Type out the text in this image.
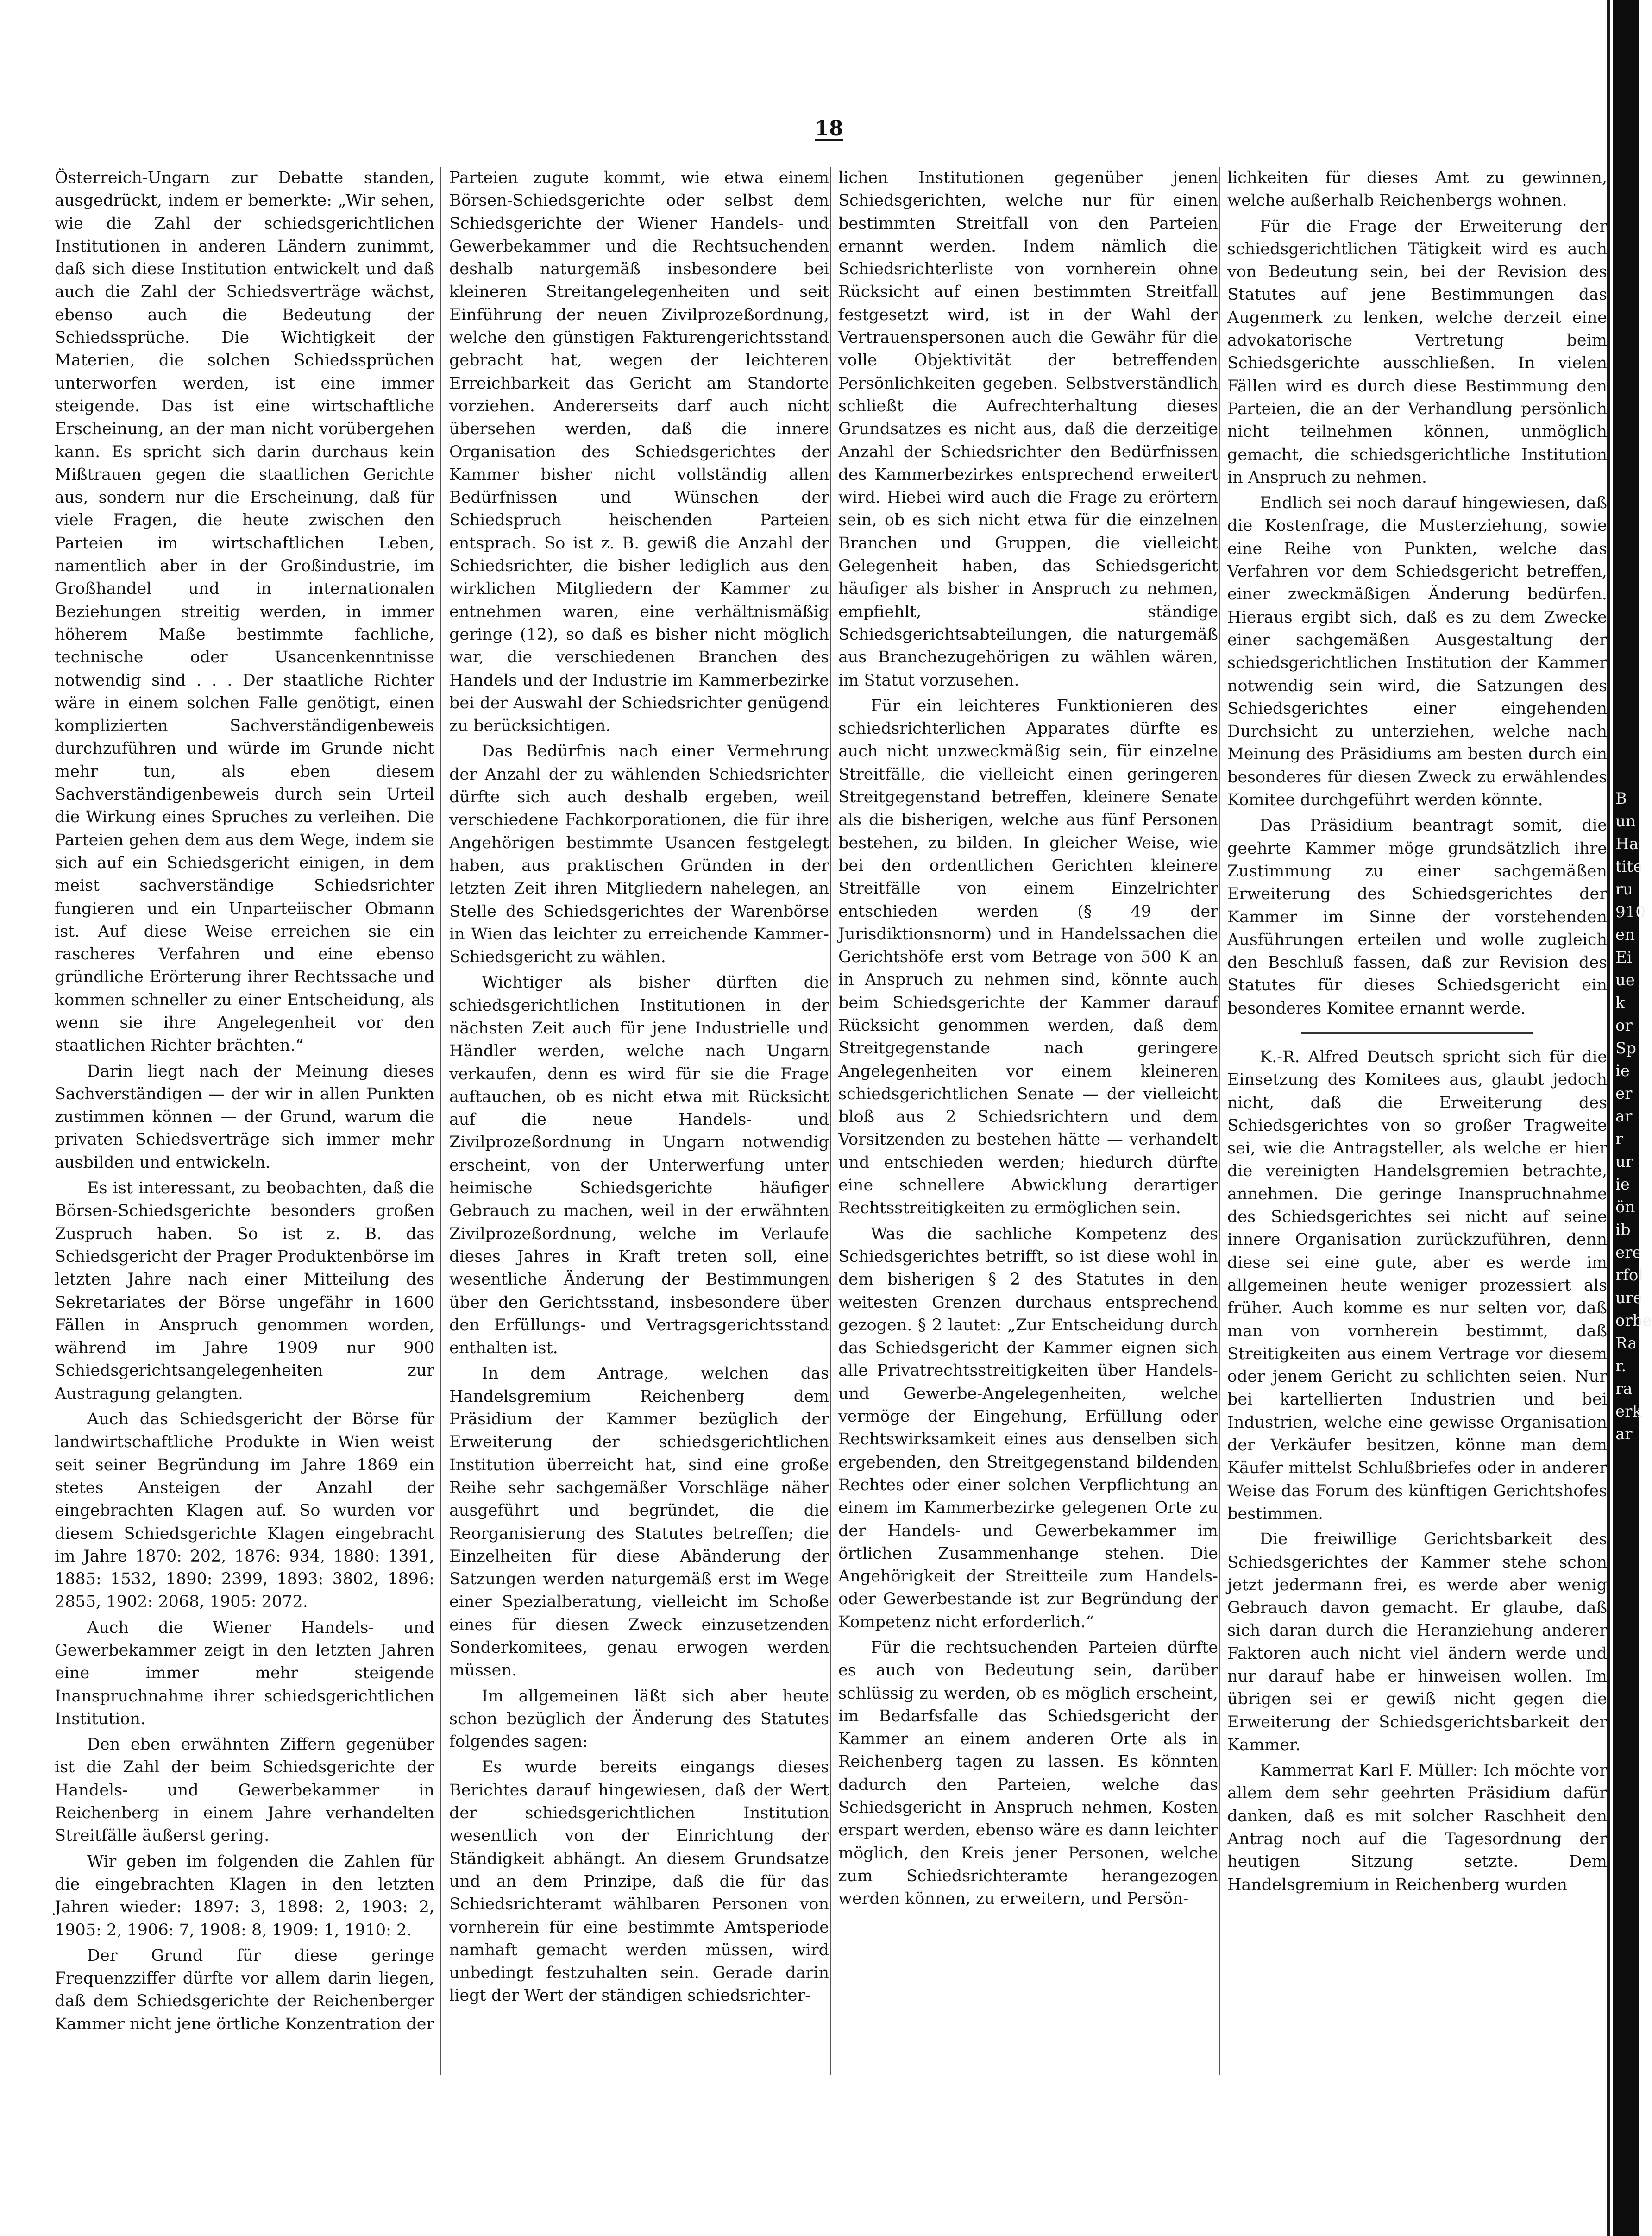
18

Österreich-Ungarn zur Debatte standen, ausgedrückt, indem er bemerkte: „Wir sehen, wie die Zahl der schiedsgerichtlichen Institutionen in anderen Ländern zunimmt, daß sich diese Institution entwickelt und daß auch die Zahl der Schiedsverträge wächst, ebenso auch die Bedeutung der Schiedssprüche. Die Wichtigkeit der Materien, die solchen Schiedssprüchen unterworfen werden, ist eine immer steigende. Das ist eine wirtschaftliche Erscheinung, an der man nicht vorübergehen kann. Es spricht sich darin durchaus kein Mißtrauen gegen die staatlichen Gerichte aus, sondern nur die Erscheinung, daß für viele Fragen, die heute zwischen den Parteien im wirtschaftlichen Leben, namentlich aber in der Großindustrie, im Großhandel und in internationalen Beziehungen streitig werden, in immer höherem Maße bestimmte fachliche, technische oder Usancenkenntnisse notwendig sind . . . Der staatliche Richter wäre in einem solchen Falle genötigt, einen komplizierten Sachverständigenbeweis durchzuführen und würde im Grunde nicht mehr tun, als eben diesem Sachverständigenbeweis durch sein Urteil die Wirkung eines Spruches zu verleihen. Die Parteien gehen dem aus dem Wege, indem sie sich auf ein Schiedsgericht einigen, in dem meist sachverständige Schiedsrichter fungieren und ein Unparteiischer Obmann ist. Auf diese Weise erreichen sie ein rascheres Verfahren und eine ebenso gründliche Erörterung ihrer Rechtssache und kommen schneller zu einer Entscheidung, als wenn sie ihre Angelegenheit vor den staatlichen Richter brächten.“

Darin liegt nach der Meinung dieses Sachverständigen — der wir in allen Punkten zustimmen können — der Grund, warum die privaten Schiedsverträge sich immer mehr ausbilden und entwickeln.

Es ist interessant, zu beobachten, daß die Börsen-Schiedsgerichte besonders großen Zuspruch haben. So ist z. B. das Schiedsgericht der Prager Produktenbörse im letzten Jahre nach einer Mitteilung des Sekretariates der Börse ungefähr in 1600 Fällen in Anspruch genommen worden, während im Jahre 1909 nur 900 Schiedsgerichtsangelegenheiten zur Austragung gelangten.

Auch das Schiedsgericht der Börse für landwirtschaftliche Produkte in Wien weist seit seiner Begründung im Jahre 1869 ein stetes Ansteigen der Anzahl der eingebrachten Klagen auf. So wurden vor diesem Schiedsgerichte Klagen eingebracht im Jahre 1870: 202, 1876: 934, 1880: 1391, 1885: 1532, 1890: 2399, 1893: 3802, 1896: 2855, 1902: 2068, 1905: 2072.

Auch die Wiener Handels- und Gewerbekammer zeigt in den letzten Jahren eine immer mehr steigende Inanspruchnahme ihrer schiedsgerichtlichen Institution.

Den eben erwähnten Ziffern gegenüber ist die Zahl der beim Schiedsgerichte der Handels- und Gewerbekammer in Reichenberg in einem Jahre verhandelten Streitfälle äußerst gering.

Wir geben im folgenden die Zahlen für die eingebrachten Klagen in den letzten Jahren wieder: 1897: 3, 1898: 2, 1903: 2, 1905: 2, 1906: 7, 1908: 8, 1909: 1, 1910: 2.

Der Grund für diese geringe Frequenzziffer dürfte vor allem darin liegen, daß dem Schiedsgerichte der Reichenberger Kammer nicht jene örtliche Konzentration der

Parteien zugute kommt, wie etwa einem Börsen-Schiedsgerichte oder selbst dem Schiedsgerichte der Wiener Handels- und Gewerbekammer und die Rechtsuchenden deshalb naturgemäß insbesondere bei kleineren Streitangelegenheiten und seit Einführung der neuen Zivilprozeßordnung, welche den günstigen Fakturengerichtsstand gebracht hat, wegen der leichteren Erreichbarkeit das Gericht am Standorte vorziehen. Andererseits darf auch nicht übersehen werden, daß die innere Organisation des Schiedsgerichtes der Kammer bisher nicht vollständig allen Bedürfnissen und Wünschen der Schiedspruch heischenden Parteien entsprach. So ist z. B. gewiß die Anzahl der Schiedsrichter, die bisher lediglich aus den wirklichen Mitgliedern der Kammer zu entnehmen waren, eine verhältnismäßig geringe (12), so daß es bisher nicht möglich war, die verschiedenen Branchen des Handels und der Industrie im Kammerbezirke bei der Auswahl der Schiedsrichter genügend zu berücksichtigen.

Das Bedürfnis nach einer Vermehrung der Anzahl der zu wählenden Schiedsrichter dürfte sich auch deshalb ergeben, weil verschiedene Fachkorporationen, die für ihre Angehörigen bestimmte Usancen festgelegt haben, aus praktischen Gründen in der letzten Zeit ihren Mitgliedern nahelegen, an Stelle des Schiedsgerichtes der Warenbörse in Wien das leichter zu erreichende Kammer-Schiedsgericht zu wählen.

Wichtiger als bisher dürften die schiedsgerichtlichen Institutionen in der nächsten Zeit auch für jene Industrielle und Händler werden, welche nach Ungarn verkaufen, denn es wird für sie die Frage auftauchen, ob es nicht etwa mit Rücksicht auf die neue Handels- und Zivilprozeßordnung in Ungarn notwendig erscheint, von der Unterwerfung unter heimische Schiedsgerichte häufiger Gebrauch zu machen, weil in der erwähnten Zivilprozeßordnung, welche im Verlaufe dieses Jahres in Kraft treten soll, eine wesentliche Änderung der Bestimmungen über den Gerichtsstand, insbesondere über den Erfüllungs- und Vertragsgerichtsstand enthalten ist.

In dem Antrage, welchen das Handelsgremium Reichenberg dem Präsidium der Kammer bezüglich der Erweiterung der schiedsgerichtlichen Institution überreicht hat, sind eine große Reihe sehr sachgemäßer Vorschläge näher ausgeführt und begründet, die die Reorganisierung des Statutes betreffen; die Einzelheiten für diese Abänderung der Satzungen werden naturgemäß erst im Wege einer Spezialberatung, vielleicht im Schoße eines für diesen Zweck einzusetzenden Sonderkomitees, genau erwogen werden müssen.

Im allgemeinen läßt sich aber heute schon bezüglich der Änderung des Statutes folgendes sagen:

Es wurde bereits eingangs dieses Berichtes darauf hingewiesen, daß der Wert der schiedsgerichtlichen Institution wesentlich von der Einrichtung der Ständigkeit abhängt. An diesem Grundsatze und an dem Prinzipe, daß die für das Schiedsrichteramt wählbaren Personen von vornherein für eine bestimmte Amtsperiode namhaft gemacht werden müssen, wird unbedingt festzuhalten sein. Gerade darin liegt der Wert der ständigen schiedsrichter-

lichen Institutionen gegenüber jenen Schiedsgerichten, welche nur für einen bestimmten Streitfall von den Parteien ernannt werden. Indem nämlich die Schiedsrichterliste von vornherein ohne Rücksicht auf einen bestimmten Streitfall festgesetzt wird, ist in der Wahl der Vertrauenspersonen auch die Gewähr für die volle Objektivität der betreffenden Persönlichkeiten gegeben. Selbstverständlich schließt die Aufrechterhaltung dieses Grundsatzes es nicht aus, daß die derzeitige Anzahl der Schiedsrichter den Bedürfnissen des Kammerbezirkes entsprechend erweitert wird. Hiebei wird auch die Frage zu erörtern sein, ob es sich nicht etwa für die einzelnen Branchen und Gruppen, die vielleicht Gelegenheit haben, das Schiedsgericht häufiger als bisher in Anspruch zu nehmen, empfiehlt, ständige Schiedsgerichtsabteilungen, die naturgemäß aus Branchezugehörigen zu wählen wären, im Statut vorzusehen.

Für ein leichteres Funktionieren des schiedsrichterlichen Apparates dürfte es auch nicht unzweckmäßig sein, für einzelne Streitfälle, die vielleicht einen geringeren Streitgegenstand betreffen, kleinere Senate als die bisherigen, welche aus fünf Personen bestehen, zu bilden. In gleicher Weise, wie bei den ordentlichen Gerichten kleinere Streitfälle von einem Einzelrichter entschieden werden (§ 49 der Jurisdiktionsnorm) und in Handelssachen die Gerichtshöfe erst vom Betrage von 500 K an in Anspruch zu nehmen sind, könnte auch beim Schiedsgerichte der Kammer darauf Rücksicht genommen werden, daß dem Streitgegenstande nach geringere Angelegenheiten vor einem kleineren schiedsgerichtlichen Senate — der vielleicht bloß aus 2 Schiedsrichtern und dem Vorsitzenden zu bestehen hätte — verhandelt und entschieden werden; hiedurch dürfte eine schnellere Abwicklung derartiger Rechtsstreitigkeiten zu ermöglichen sein.

Was die sachliche Kompetenz des Schiedsgerichtes betrifft, so ist diese wohl in dem bisherigen § 2 des Statutes in den weitesten Grenzen durchaus entsprechend gezogen. § 2 lautet: „Zur Entscheidung durch das Schiedsgericht der Kammer eignen sich alle Privatrechtsstreitigkeiten über Handels- und Gewerbe-Angelegenheiten, welche vermöge der Eingehung, Erfüllung oder Rechtswirksamkeit eines aus denselben sich ergebenden, den Streitgegenstand bildenden Rechtes oder einer solchen Verpflichtung an einem im Kammerbezirke gelegenen Orte zu der Handels- und Gewerbekammer im örtlichen Zusammenhange stehen. Die Angehörigkeit der Streitteile zum Handels- oder Gewerbestande ist zur Begründung der Kompetenz nicht erforderlich.“

Für die rechtsuchenden Parteien dürfte es auch von Bedeutung sein, darüber schlüssig zu werden, ob es möglich erscheint, im Bedarfsfalle das Schiedsgericht der Kammer an einem anderen Orte als in Reichenberg tagen zu lassen. Es könnten dadurch den Parteien, welche das Schiedsgericht in Anspruch nehmen, Kosten erspart werden, ebenso wäre es dann leichter möglich, den Kreis jener Personen, welche zum Schiedsrichteramte herangezogen werden können, zu erweitern, und Persön-

lichkeiten für dieses Amt zu gewinnen, welche außerhalb Reichenbergs wohnen.

Für die Frage der Erweiterung der schiedsgerichtlichen Tätigkeit wird es auch von Bedeutung sein, bei der Revision des Statutes auf jene Bestimmungen das Augenmerk zu lenken, welche derzeit eine advokatorische Vertretung beim Schiedsgerichte ausschließen. In vielen Fällen wird es durch diese Bestimmung den Parteien, die an der Verhandlung persönlich nicht teilnehmen können, unmöglich gemacht, die schiedsgerichtliche Institution in Anspruch zu nehmen.

Endlich sei noch darauf hingewiesen, daß die Kostenfrage, die Musterziehung, sowie eine Reihe von Punkten, welche das Verfahren vor dem Schiedsgericht betreffen, einer zweckmäßigen Änderung bedürfen. Hieraus ergibt sich, daß es zu dem Zwecke einer sachgemäßen Ausgestaltung der schiedsgerichtlichen Institution der Kammer notwendig sein wird, die Satzungen des Schiedsgerichtes einer eingehenden Durchsicht zu unterziehen, welche nach Meinung des Präsidiums am besten durch ein besonderes für diesen Zweck zu erwählendes Komitee durchgeführt werden könnte.

Das Präsidium beantragt somit, die geehrte Kammer möge grundsätzlich ihre Zustimmung zu einer sachgemäßen Erweiterung des Schiedsgerichtes der Kammer im Sinne der vorstehenden Ausführungen erteilen und wolle zugleich den Beschluß fassen, daß zur Revision des Statutes für dieses Schiedsgericht ein besonderes Komitee ernannt werde.

K.-R. Alfred Deutsch spricht sich für die Einsetzung des Komitees aus, glaubt jedoch nicht, daß die Erweiterung des Schiedsgerichtes von so großer Tragweite sei, wie die Antragsteller, als welche er hier die vereinigten Handelsgremien betrachte, annehmen. Die geringe Inanspruchnahme des Schiedsgerichtes sei nicht auf seine innere Organisation zurückzuführen, denn diese sei eine gute, aber es werde im allgemeinen heute weniger prozessiert als früher. Auch komme es nur selten vor, daß man von vornherein bestimmt, daß Streitigkeiten aus einem Vertrage vor diesem oder jenem Gericht zu schlichten seien. Nur bei kartellierten Industrien und bei Industrien, welche eine gewisse Organisation der Verkäufer besitzen, könne man dem Käufer mittelst Schlußbriefes oder in anderer Weise das Forum des künftigen Gerichtshofes bestimmen.

Die freiwillige Gerichtsbarkeit des Schiedsgerichtes der Kammer stehe schon jetzt jedermann frei, es werde aber wenig Gebrauch davon gemacht. Er glaube, daß sich daran durch die Heranziehung anderer Faktoren auch nicht viel ändern werde und nur darauf habe er hinweisen wollen. Im übrigen sei er gewiß nicht gegen die Erweiterung der Schiedsgerichtsbarkeit der Kammer.

Kammerrat Karl F. Müller: Ich möchte vor allem dem sehr geehrten Präsidium dafür danken, daß es mit solcher Raschheit den Antrag noch auf die Tagesordnung der heutigen Sitzung setzte. Dem Handelsgremium in Reichenberg wurden

B
un
Ha
tite
ru
910
en
Ei
ue
k
or
Sp
ie
er
ar
r
ur
ie
ön
ib
ere
rfol
ure
orbe
Ra
r.
ra
erk
ar
